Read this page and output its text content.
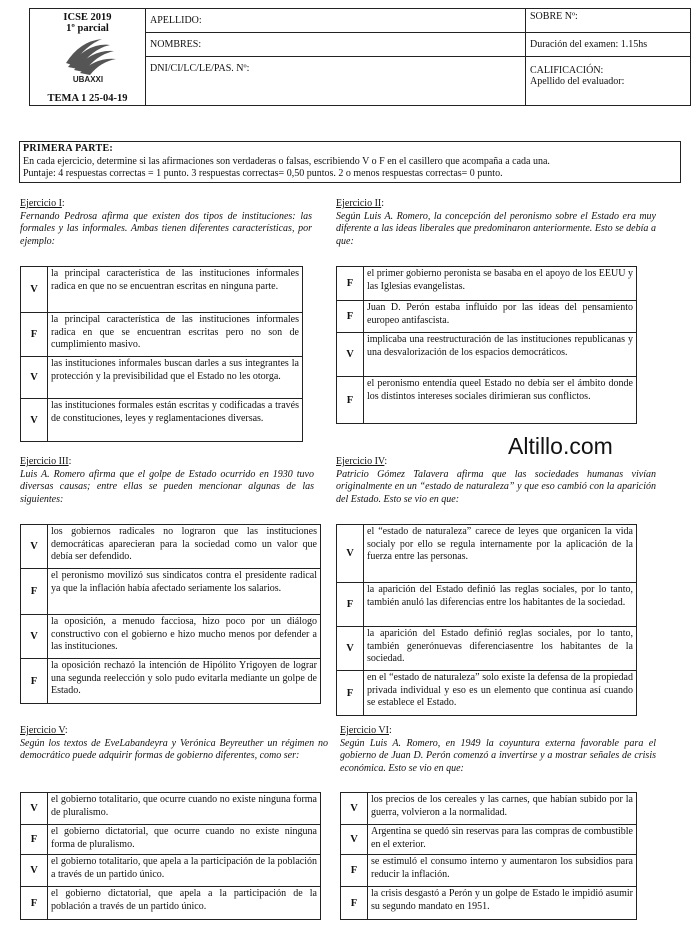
ICSE 2019
1º parcial
UBAXXI
TEMA 1 25-04-19
APELLIDO:
NOMBRES:
DNI/CI/LC/LE/PAS. Nº:
SOBRE Nº:
Duración del examen: 1.15hs
CALIFICACIÓN:
Apellido del evaluador:
PRIMERA PARTE:
En cada ejercicio, determine si las afirmaciones son verdaderas o falsas, escribiendo V o F en el casillero que acompaña a cada una.
Puntaje: 4 respuestas correctas = 1 punto. 3 respuestas correctas= 0,50 puntos. 2 o menos respuestas correctas= 0 punto.
Altillo.com
Ejercicio I:
Fernando Pedrosa afirma que existen dos tipos de instituciones: las formales y las informales. Ambas tienen diferentes características, por ejemplo:
V
la principal característica de las instituciones informales radica en que no se encuentran escritas en ninguna parte.
F
la principal característica de las instituciones informales radica en que se encuentran escritas pero no son de cumplimiento masivo.
V
las instituciones informales buscan darles a sus integrantes la protección y la previsibilidad que el Estado no les otorga.
V
las instituciones formales están escritas y codificadas a través de constituciones, leyes y reglamentaciones diversas.
Ejercicio II:
Según Luis A. Romero, la concepción del peronismo sobre el Estado era muy diferente a las ideas liberales que predominaron anteriormente. Esto se debía a que:
F
el primer gobierno peronista se basaba en el apoyo de los EEUU y las Iglesias evangelistas.
F
Juan D. Perón estaba influido por las ideas del pensamiento europeo antifascista.
V
implicaba una reestructuración de las instituciones republicanas y una desvalorización de los espacios democráticos.
F
el peronismo entendía queel Estado no debía ser el ámbito donde los distintos intereses sociales dirimieran sus conflictos.
Ejercicio III:
Luis A. Romero afirma que el golpe de Estado ocurrido en 1930 tuvo diversas causas; entre ellas se pueden mencionar algunas de las siguientes:
V
los gobiernos radicales no lograron que las instituciones democráticas aparecieran para la sociedad como un valor que debía ser defendido.
F
el peronismo movilizó sus sindicatos contra el presidente radical ya que la inflación había afectado seriamente los salarios.
V
la oposición, a menudo facciosa, hizo poco por un diálogo constructivo con el gobierno e hizo mucho menos por defender a las instituciones.
F
la oposición rechazó la intención de Hipólito Yrigoyen de lograr una segunda reelección y solo pudo evitarla mediante un golpe de Estado.
Ejercicio IV:
Patricio Gómez Talavera afirma que las sociedades humanas vivían originalmente en un “estado de naturaleza” y que eso cambió con la aparición del Estado. Esto se vio en que:
V
el “estado de naturaleza” carece de leyes que organicen la vida socialy por ello se regula internamente por la aplicación de la fuerza entre las personas.
F
la aparición del Estado definió las reglas sociales, por lo tanto, también anuló las diferencias entre los habitantes de la sociedad.
V
la aparición del Estado definió reglas sociales, por lo tanto, también generónuevas diferenciasentre los habitantes de la sociedad.
F
en el “estado de naturaleza” solo existe la defensa de la propiedad privada individual y eso es un elemento que continua así cuando se establece el Estado.
Ejercicio V:
Según los textos de EveLabandeyra y Verónica Beyreuther un régimen no democrático puede adquirir formas de gobierno diferentes, como ser:
V
el gobierno totalitario, que ocurre cuando no existe ninguna forma de pluralismo.
F
el gobierno dictatorial, que ocurre cuando no existe ninguna forma de pluralismo.
V
el gobierno totalitario, que apela a la participación de la población a través de un partido único.
F
el gobierno dictatorial, que apela a la participación de la población a través de un partido único.
Ejercicio VI:
Según Luis A. Romero, en 1949 la coyuntura externa favorable para el gobierno de Juan D. Perón comenzó a invertirse y a mostrar señales de crisis económica. Esto se vio en que:
V
los precios de los cereales y las carnes, que habían subido por la guerra, volvieron a la normalidad.
V
Argentina se quedó sin reservas para las compras de combustible en el exterior.
F
se estimuló el consumo interno y aumentaron los subsidios para reducir la inflación.
F
la crisis desgastó a Perón y un golpe de Estado le impidió asumir su segundo mandato en 1951.
